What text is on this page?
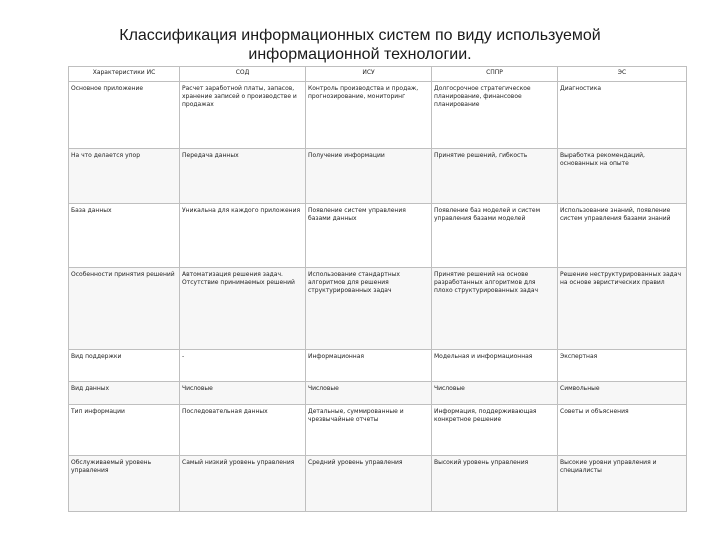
Классификация информационных систем по виду используемой информационной технологии.
Характеристики ИС	СОД	ИСУ	СППР	ЭС
Основное приложение	Расчет заработной платы, запасов, хранение записей о производстве и продажах	Контроль производства и продаж, прогнозирование, мониторинг	Долгосрочное стратегическое планирование, финансовое планирование	Диагностика
На что делается упор	Передача данных	Получение информации	Принятие решений, гибкость	Выработка рекомендаций, основанных на опыте
База данных	Уникальна для каждого приложения	Появление систем управления базами данных	Появление баз моделей и систем управления базами моделей	Использование знаний, появление систем управления базами знаний
Особенности принятия решений	Автоматизация решения задач. Отсутствие принимаемых решений	Использование стандартных алгоритмов для решения структурированных задач	Принятие решений на основе разработанных алгоритмов для плохо структурированных задач	Решение неструктурированных задач на основе эвристических правил
Вид поддержки	-	Информационная	Модельная и информационная	Экспертная
Вид данных	Числовые	Числовые	Числовые	Символьные
Тип информации	Последовательная данных	Детальные, суммированные и чрезвычайные отчеты	Информация, поддерживающая конкретное решение	Советы и объяснения
Обслуживаемый уровень управления	Самый низкий уровень управления	Средний уровень управления	Высокий уровень управления	Высокие уровни управления и специалисты
